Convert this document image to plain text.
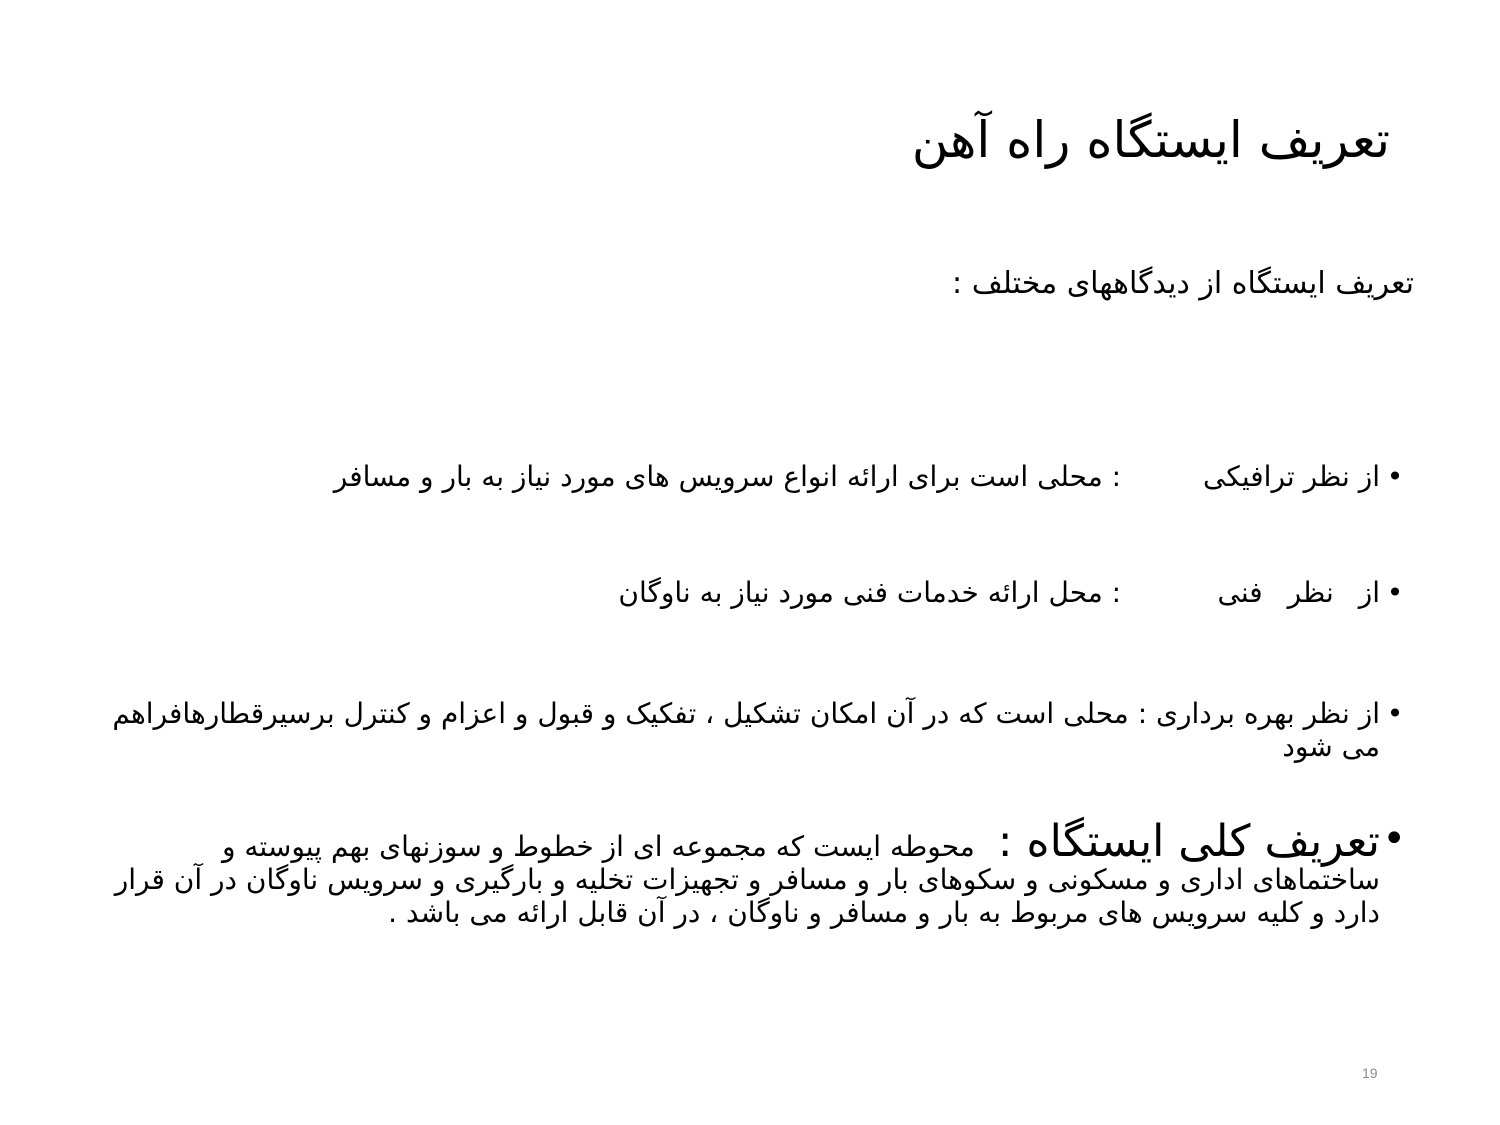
تعریف ایستگاه راه آهن
تعریف ایستگاه از دیدگاههای مختلف :
•
از نظر ترافیکی : محلی است برای ارائه انواع سرویس های مورد نیاز به بار و مسافر
•
از نظر فنی : محل ارائه خدمات فنی مورد نیاز به ناوگان
•
از نظر بهره برداری : محلی است که در آن امکان تشکیل ، تفکیک و قبول و اعزام و کنترل برسیرقطارهافراهم می شود
•
تعریف کلی ایستگاه : محوطه ایست که مجموعه ای از خطوط و سوزنهای بهم پیوسته و ساختماهای اداری و مسکونی و سکوهای بار و مسافر و تجهیزات تخلیه و بارگیری و سرویس ناوگان در آن قرار دارد و کلیه سرویس های مربوط به بار و مسافر و ناوگان ، در آن قابل ارائه می باشد .
19
